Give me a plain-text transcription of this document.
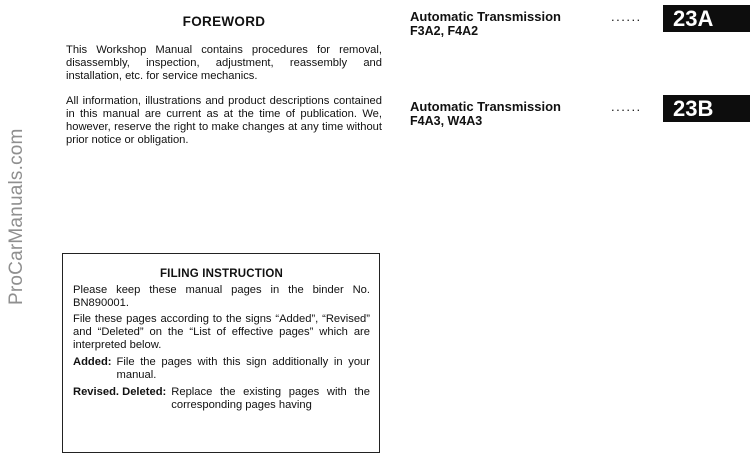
ProCarManuals.com
FOREWORD

This Workshop Manual contains procedures for removal, disassembly, inspection, adjustment, reassembly and installation, etc. for service mechanics.

All information, illustrations and product descriptions contained in this manual are current as at the time of publication. We, however, reserve the right to make changes at any time without prior notice or obligation.

FILING INSTRUCTION

Please keep these manual pages in the binder No. BN890001.

File these pages according to the signs “Added”, “Revised” and “Deleted” on the “List of effective pages” which are interpreted below.

Added: File the pages with this sign additionally in your manual.
Revised. Deleted: Replace the existing pages with the corresponding pages having
Automatic Transmission
F3A2, F4A2
......	23A
Automatic Transmission
F4A3, W4A3
......	23B
